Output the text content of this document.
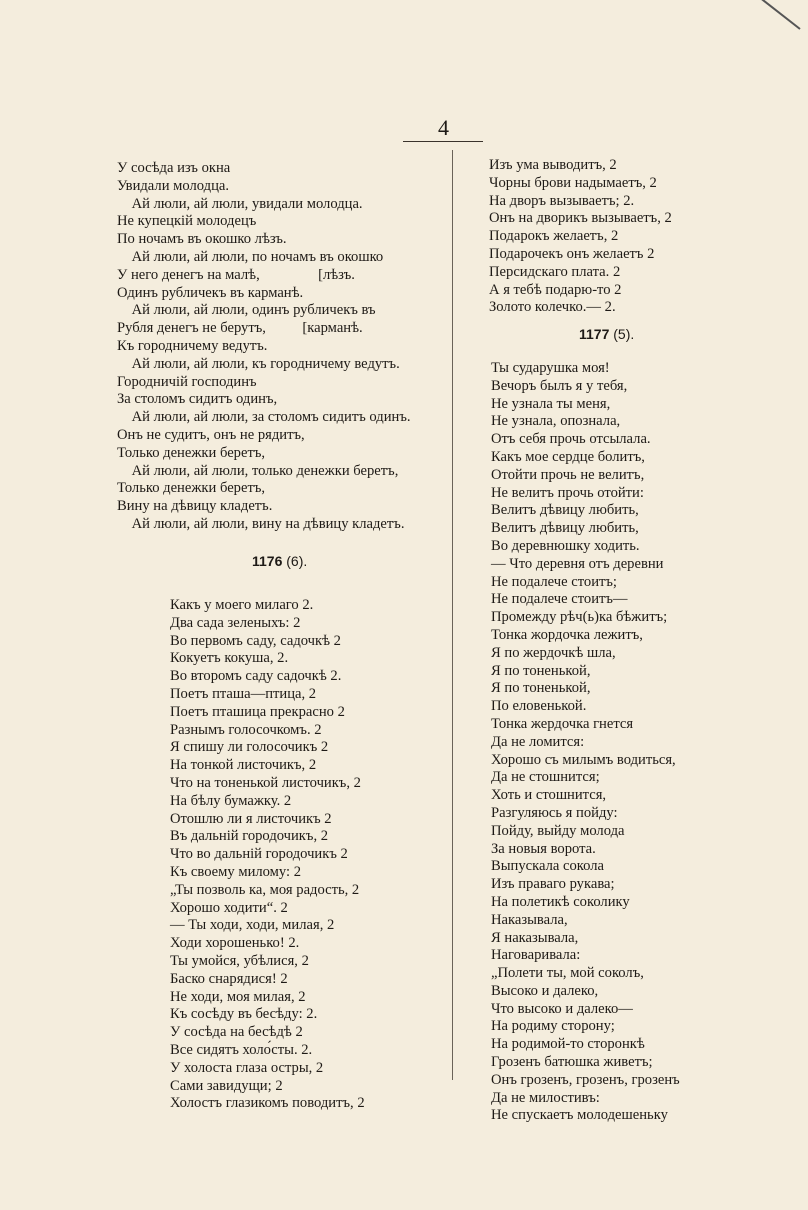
4
У сосѣда изъ окна
Увидали молодца.
Ай люли, ай люли, увидали молодца.
Не купецкій молодецъ
По ночамъ въ окошко лѣзъ.
Ай люли, ай люли, по ночамъ въ окошко
У него денегъ на малѣ,                [лѣзъ.
Одинъ рубличекъ въ карманѣ.
Ай люли, ай люли, одинъ рубличекъ въ
Рубля денегъ не берутъ,          [карманѣ.
Къ городничему ведутъ.
Ай люли, ай люли, къ городничему ведутъ.
Городничій господинъ
За столомъ сидитъ одинъ,
Ай люли, ай люли, за столомъ сидитъ одинъ.
Онъ не судитъ, онъ не рядитъ,
Только денежки беретъ,
Ай люли, ай люли, только денежки беретъ,
Только денежки беретъ,
Вину на дѣвицу кладетъ.
Ай люли, ай люли, вину на дѣвицу кладетъ.
1176 (6).
Какъ у моего милаго 2.
Два сада зеленыхъ: 2
Во первомъ саду, садочкѣ 2
Кокуетъ кокуша, 2.
Во второмъ саду садочкѣ 2.
Поетъ пташа—птица, 2
Поетъ пташица прекрасно 2
Разнымъ голосочкомъ. 2
Я спишу ли голосочикъ 2
На тонкой листочикъ, 2
Что на тоненькой листочикъ, 2
На бѣлу бумажку. 2
Отошлю ли я листочикъ 2
Въ дальній городочикъ, 2
Что во дальній городочикъ 2
Къ своему милому: 2
„Ты позволь ка, моя радость, 2
Хорошо ходити“. 2
— Ты ходи, ходи, милая, 2
Ходи хорошенько! 2.
Ты умойся, убѣлися, 2
Баско снарядися! 2
Не ходи, моя милая, 2
Къ сосѣду въ бесѣду: 2.
У сосѣда на бесѣдѣ 2
Все сидятъ холо́сты. 2.
У холоста глаза остры, 2
Сами завидущи; 2
Холостъ глазикомъ поводитъ, 2
Изъ ума выводитъ, 2
Чорны брови надымаетъ, 2
На дворъ вызываетъ; 2.
Онъ на дворикъ вызываетъ, 2
Подарокъ желаетъ, 2
Подарочекъ онъ желаетъ 2
Персидскаго плата. 2
А я тебѣ подарю-то 2
Золото колечко.— 2.
1177 (5).
Ты сударушка моя!
Вечоръ былъ я у тебя,
Не узнала ты меня,
Не узнала, опознала,
Отъ себя прочь отсылала.
Какъ мое сердце болитъ,
Отойти прочь не велитъ,
Не велитъ прочь отойти:
Велитъ дѣвицу любить,
Велитъ дѣвицу любить,
Во деревнюшку ходить.
— Что деревня отъ деревни
Не подалече стоитъ;
Не подалече стоитъ—
Промежду рѣч(ь)ка бѣжитъ;
Тонка жордочка лежитъ,
Я по жердочкѣ шла,
Я по тоненькой,
Я по тоненькой,
По еловенькой.
Тонка жердочка гнется
Да не ломится:
Хорошо съ милымъ водиться,
Да не стошнится;
Хоть и стошнится,
Разгуляюсь я пойду:
Пойду, выйду молода
За новыя ворота.
Выпускала сокола
Изъ праваго рукава;
На полетикѣ соколику
Наказывала,
Я наказывала,
Наговаривала:
„Полети ты, мой соколъ,
Высоко и далеко,
Что высоко и далеко—
На родиму сторону;
На родимой-то сторонкѣ
Грозенъ батюшка живетъ;
Онъ грозенъ, грозенъ, грозенъ
Да не милостивъ:
Не спускаетъ молодешеньку
